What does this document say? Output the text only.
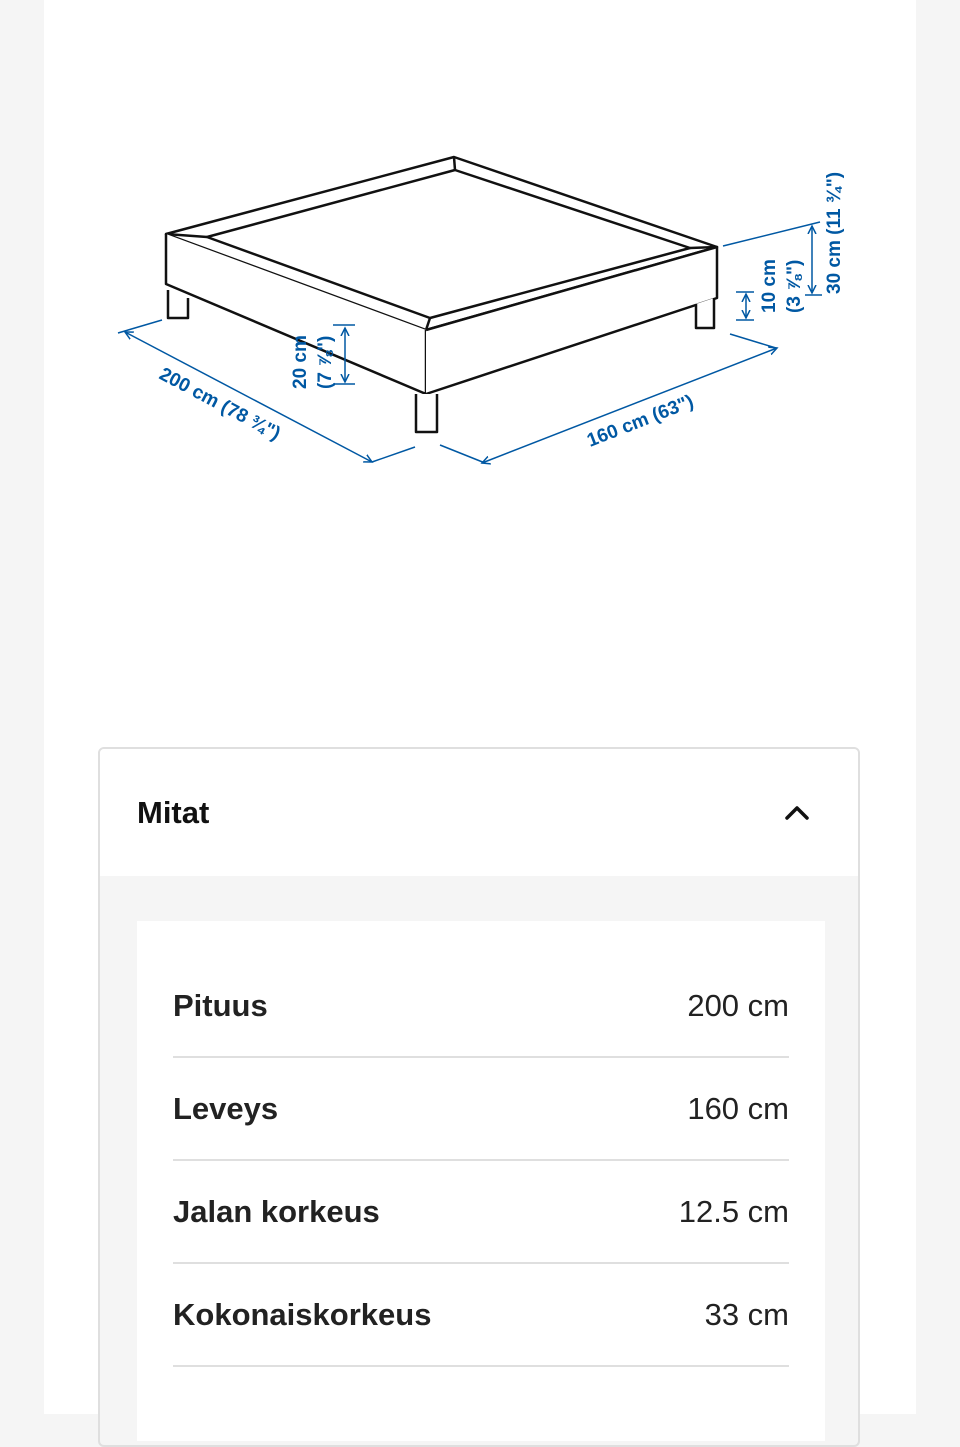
200 cm (78 ¾")	160 cm (63")
20 cm (7 ⅞")
10 cm (3 ⅞") 30 cm (11 ¾")
Mitat
Pituus	200 cm
Leveys	160 cm
Jalan korkeus	12.5 cm
Kokonaiskorkeus	33 cm
